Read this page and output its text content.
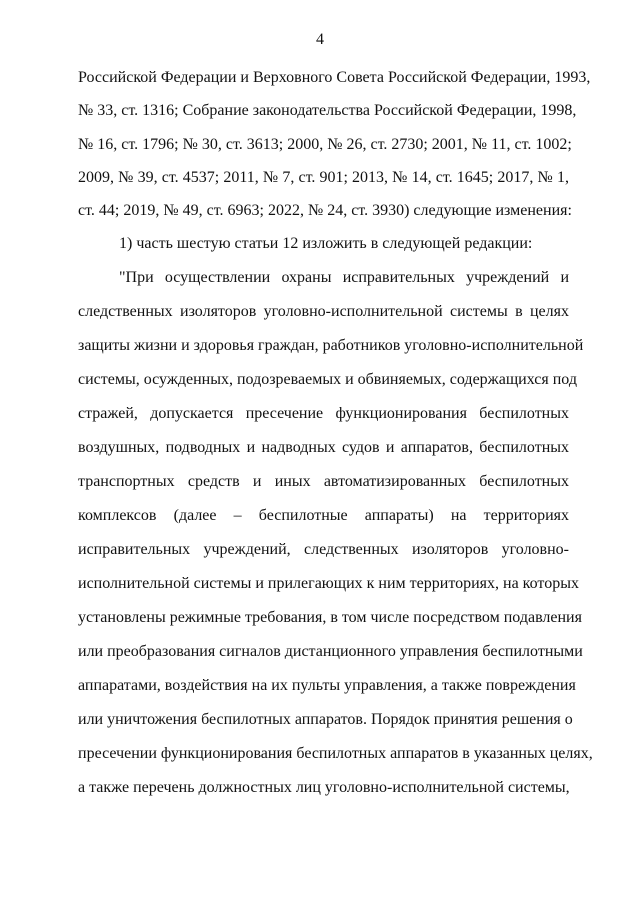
4
Российской Федерации и Верховного Совета Российской Федерации, 1993,
№ 33, ст. 1316; Собрание законодательства Российской Федерации, 1998,
№ 16, ст. 1796; № 30, ст. 3613; 2000, № 26, ст. 2730; 2001, № 11, ст. 1002;
2009, № 39, ст. 4537; 2011, № 7, ст. 901; 2013, № 14, ст. 1645; 2017, № 1,
ст. 44; 2019, № 49, ст. 6963; 2022, № 24, ст. 3930) следующие изменения:
1) часть шестую статьи 12 изложить в следующей редакции:
"При осуществлении охраны исправительных учреждений и
следственных изоляторов уголовно-исполнительной системы в целях
защиты жизни и здоровья граждан, работников уголовно-исполнительной
системы, осужденных, подозреваемых и обвиняемых, содержащихся под
стражей, допускается пресечение функционирования беспилотных
воздушных, подводных и надводных судов и аппаратов, беспилотных
транспортных средств и иных автоматизированных беспилотных
комплексов (далее – беспилотные аппараты) на территориях
исправительных учреждений, следственных изоляторов уголовно-
исполнительной системы и прилегающих к ним территориях, на которых
установлены режимные требования, в том числе посредством подавления
или преобразования сигналов дистанционного управления беспилотными
аппаратами, воздействия на их пульты управления, а также повреждения
или уничтожения беспилотных аппаратов. Порядок принятия решения о
пресечении функционирования беспилотных аппаратов в указанных целях,
а также перечень должностных лиц уголовно-исполнительной системы,
